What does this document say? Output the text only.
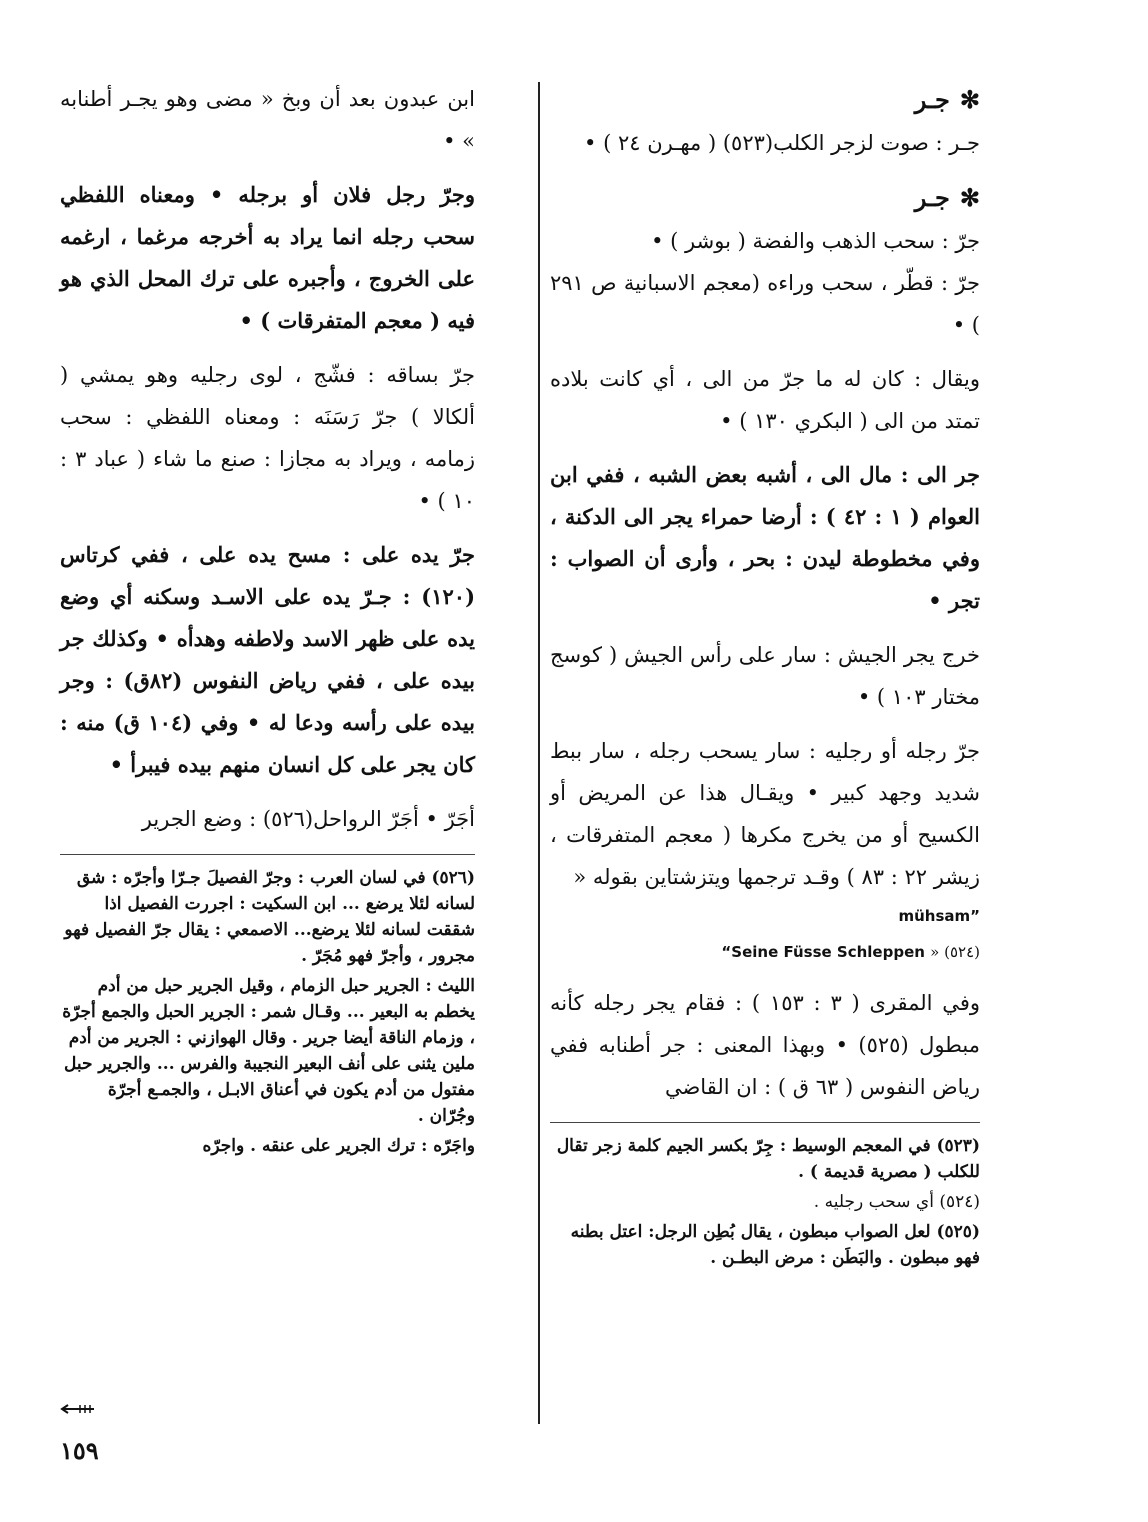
✻جـر

جـر : صوت لزجر الكلب(٥٢٣) ( مهـرن ٢٤ ) •

✻جـر

جرّ : سحب الذهب والفضة ( بوشر ) •

جرّ : قطّر ، سحب وراءه (معجم الاسبانية ص ٢٩١ ) •

ويقال : كان له ما جرّ من الى ، أي كانت بلاده تمتد من الى ( البكري ١٣٠ ) •

جر الى : مال الى ، أشبه بعض الشبه ، ففي ابن العوام ( ١ : ٤٢ ) : أرضا حمراء يجر الى الدكنة ، وفي مخطوطة ليدن : بحر ، وأرى أن الصواب : تجر •

خرج يجر الجيش : سار على رأس الجيش ( كوسج مختار ١٠٣ ) •

جرّ رجله أو رجليه : سار يسحب رجله ، سار ببط شديد وجهد كبير • ويقـال هذا عن المريض أو الكسيح أو من يخرج مكرها ( معجم المتفرقات ، زيشر ٢٢ : ٨٣ ) وقـد ترجمها ويتزشتاين بقوله «

mühsam”
“Seine Füsse Schleppen » (٥٢٤)

وفي المقرى ( ٣ : ١٥٣ ) : فقام يجر رجله كأنه مبطول (٥٢٥) • وبهذا المعنى : جر أطنابه ففي رياض النفوس ( ٦٣ ق ) : ان القاضي

(٥٢٣) في المعجم الوسيط : جِرّ بكسر الجيم كلمة زجر تقال للكلب ( مصرية قديمة ) .

(٥٢٤) أي سحب رجليه .

(٥٢٥) لعل الصواب مبطون ، يقال بُطِن الرجل: اعتل بطنه فهو مبطون . والبَطَن : مرض البطـن .

ابن عبدون بعد أن وبخ « مضى وهو يجـر أطنابه » •

وجرّ رجل فلان أو برجله • ومعناه اللفظي سحب رجله انما يراد به أخرجه مرغما ، ارغمه على الخروج ، وأجبره على ترك المحل الذي هو فيه ( معجم المتفرقات ) •

جرّ بساقه : فشّج ، لوى رجليه وهو يمشي ( ألكالا ) جرّ رَسَنَه : ومعناه اللفظي : سحب زمامه ، ويراد به مجازا : صنع ما شاء ( عباد ٣ : ١٠ ) •

جرّ يده على : مسح يده على ، ففي كرتاس (١٢٠) : جـرّ يده على الاسـد وسكنه أي وضع يده على ظهر الاسد ولاطفه وهدأه • وكذلك جر بيده على ، ففي رياض النفوس (٨٢ق) : وجر بيده على رأسه ودعا له • وفي (١٠٤ ق) منه : كان يجر على كل انسان منهم بيده فيبرأ •

أجَرّ • أجَرّ الرواحل(٥٢٦) : وضع الجرير

(٥٢٦) في لسان العرب : وجرّ الفصيلَ جـرّا وأجرّه : شق لسانه لئلا يرضع ... ابن السكيت : اجررت الفصيل اذا شققت لسانه لئلا يرضع... الاصمعي : يقال جرّ الفصيل فهو مجرور ، وأجرّ فهو مُجَرّ .

الليث : الجرير حبل الزمام ، وقيل الجرير حبل من أدم يخطم به البعير ... وقـال شمر : الجرير الحبل والجمع أجرّة ، وزمام الناقة أيضا جرير . وقال الهوازني : الجرير من أدم ملين يثنى على أنف البعير النجيبة والفرس ... والجرير حبل مفتول من أدم يكون في أعناق الابـل ، والجمـع أجرّة وجُرّان .

واجَرّه : ترك الجرير على عنقه . واجرّه

١٥٩
